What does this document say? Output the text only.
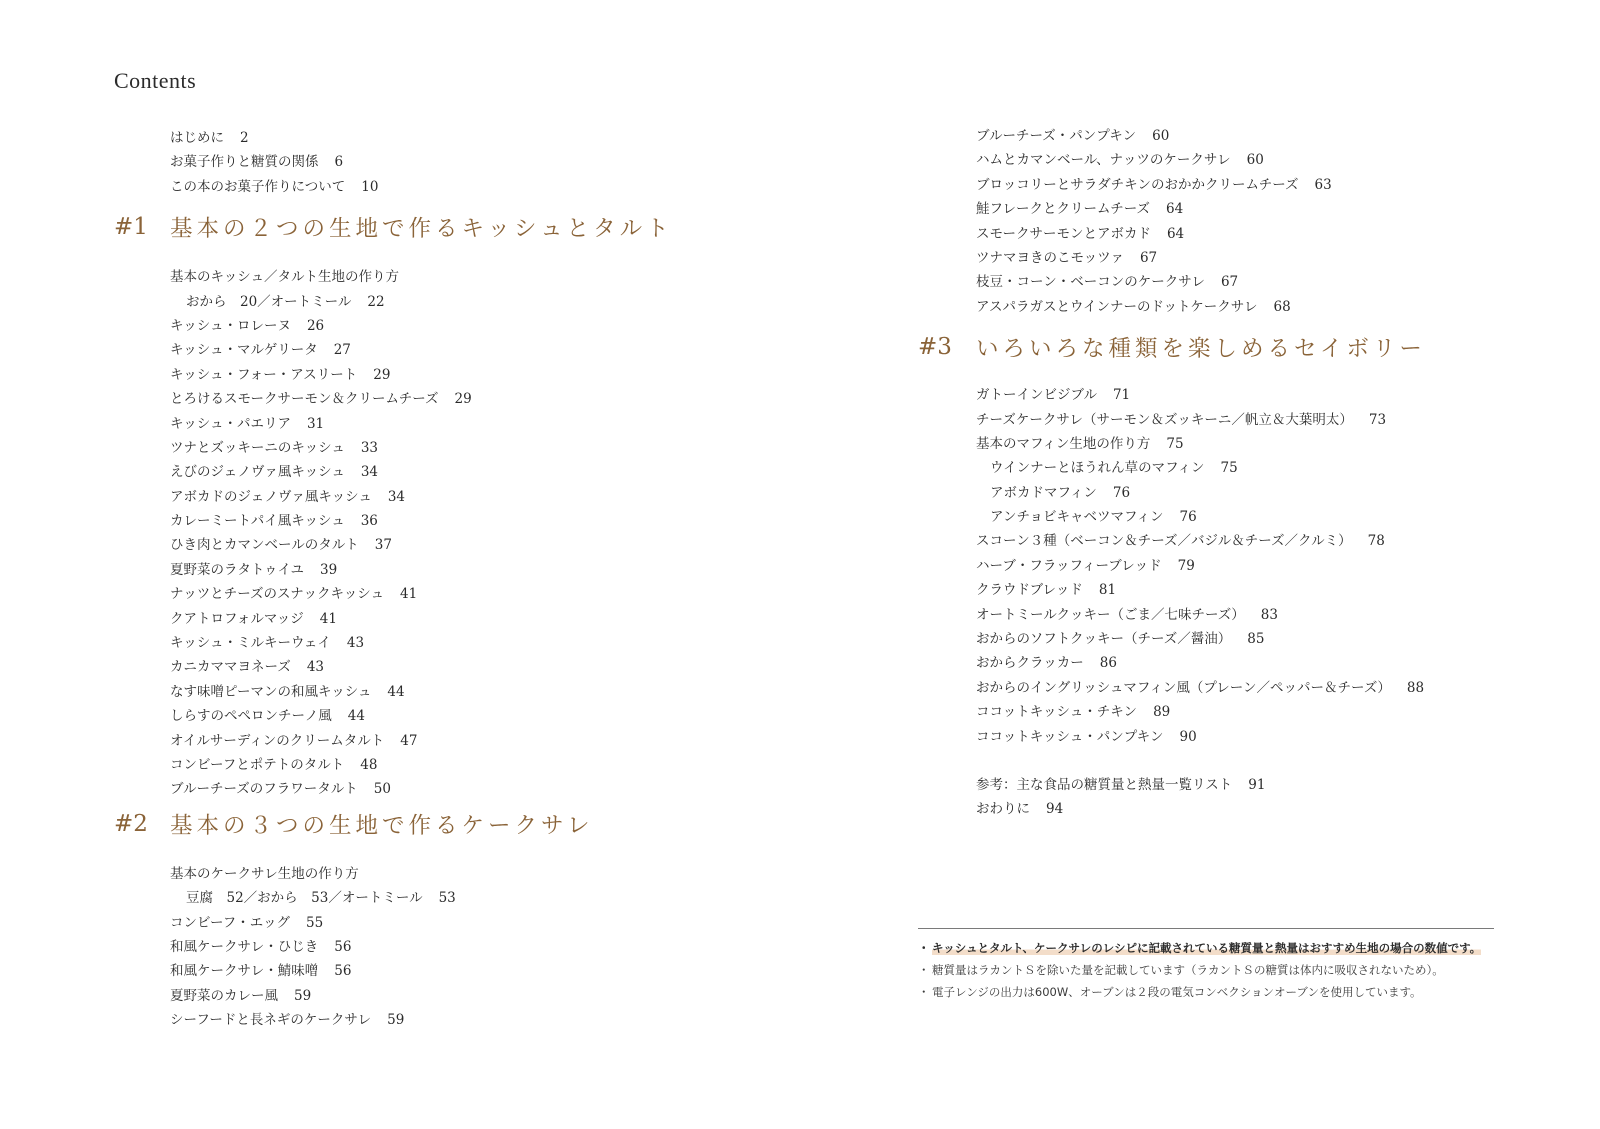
Contents
はじめに 2
お菓子作りと糖質の関係 6
この本のお菓子作りについて 10
#1 基本の２つの生地で作るキッシュとタルト
基本のキッシュ／タルト生地の作り方
おから　20／オートミール 22
キッシュ・ロレーヌ 26
キッシュ・マルゲリータ 27
キッシュ・フォー・アスリート 29
とろけるスモークサーモン＆クリームチーズ 29
キッシュ・パエリア 31
ツナとズッキーニのキッシュ 33
えびのジェノヴァ風キッシュ 34
アボカドのジェノヴァ風キッシュ 34
カレーミートパイ風キッシュ 36
ひき肉とカマンベールのタルト 37
夏野菜のラタトゥイユ 39
ナッツとチーズのスナックキッシュ 41
クアトロフォルマッジ 41
キッシュ・ミルキーウェイ 43
カニカママヨネーズ 43
なす味噌ピーマンの和風キッシュ 44
しらすのペペロンチーノ風 44
オイルサーディンのクリームタルト 47
コンビーフとポテトのタルト 48
ブルーチーズのフラワータルト 50
#2 基本の３つの生地で作るケークサレ
基本のケークサレ生地の作り方
豆腐　52／おから　53／オートミール 53
コンビーフ・エッグ 55
和風ケークサレ・ひじき 56
和風ケークサレ・鯖味噌 56
夏野菜のカレー風 59
シーフードと長ネギのケークサレ 59
ブルーチーズ・パンプキン 60
ハムとカマンベール、ナッツのケークサレ 60
ブロッコリーとサラダチキンのおかかクリームチーズ 63
鮭フレークとクリームチーズ 64
スモークサーモンとアボカド 64
ツナマヨきのこモッツァ 67
枝豆・コーン・ベーコンのケークサレ 67
アスパラガスとウインナーのドットケークサレ 68
#3	いろいろな種類を楽しめるセイボリー
ガトーインビジブル 71
チーズケークサレ（サーモン＆ズッキーニ／帆立＆大葉明太） 73
基本のマフィン生地の作り方 75
ウインナーとほうれん草のマフィン 75
アボカドマフィン 76
アンチョビキャベツマフィン 76
スコーン３種（ベーコン＆チーズ／バジル＆チーズ／クルミ） 78
ハーブ・フラッフィーブレッド 79
クラウドブレッド 81
オートミールクッキー（ごま／七味チーズ） 83
おからのソフトクッキー（チーズ／醤油） 85
おからクラッカー 86
おからのイングリッシュマフィン風（プレーン／ペッパー＆チーズ） 88
ココットキッシュ・チキン 89
ココットキッシュ・パンプキン 90
参考：主な食品の糖質量と熱量一覧リスト 91
おわりに 94
・ キッシュとタルト、ケークサレのレシピに記載されている糖質量と熱量はおすすめ生地の場合の数値です。
・ 糖質量はラカントＳを除いた量を記載しています（ラカントＳの糖質は体内に吸収されないため）。
・ 電子レンジの出力は600W、オーブンは２段の電気コンベクションオーブンを使用しています。
